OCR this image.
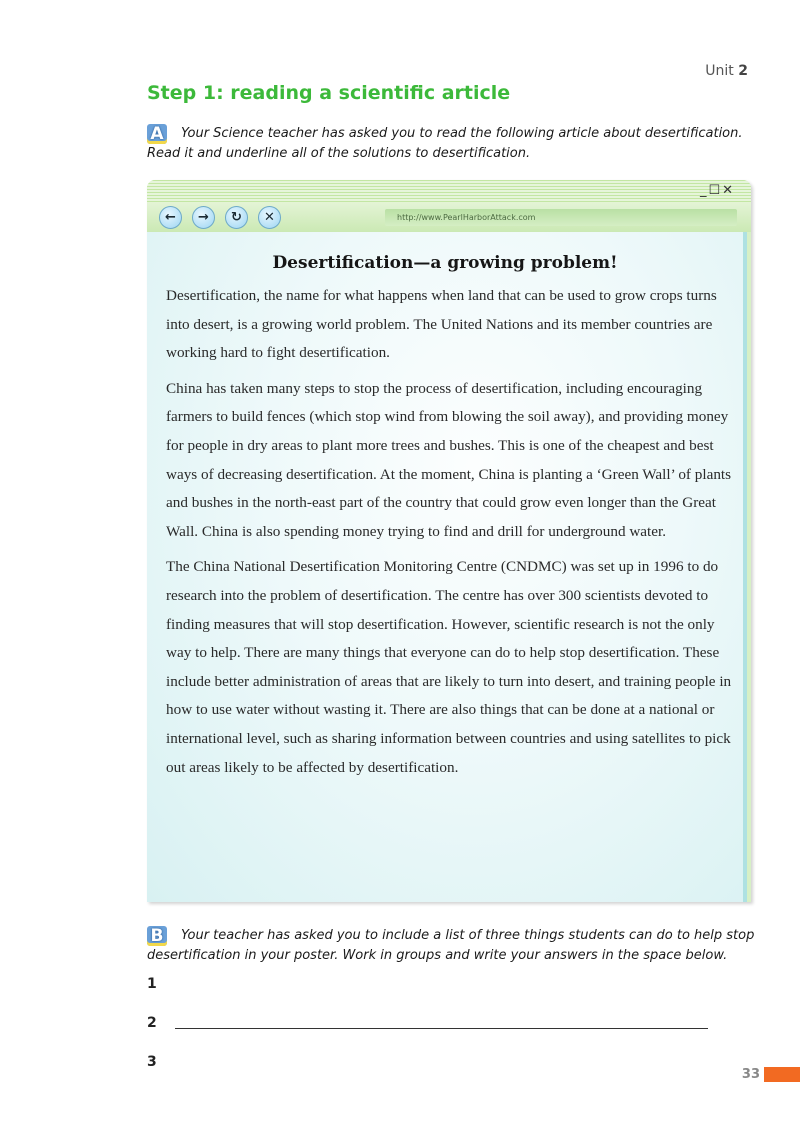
Unit 2
Step 1: reading a scientific article
A Your Science teacher has asked you to read the following article about desertification. Read it and underline all of the solutions to desertification.
_☐✕
←	→	↻	✕	http://www.PearlHarborAttack.com
Desertification—a growing problem!

Desertification, the name for what happens when land that can be used to grow crops turns into desert, is a growing world problem. The United Nations and its member countries are working hard to fight desertification.

China has taken many steps to stop the process of desertification, including encouraging farmers to build fences (which stop wind from blowing the soil away), and providing money for people in dry areas to plant more trees and bushes. This is one of the cheapest and best ways of decreasing desertification. At the moment, China is planting a ‘Green Wall’ of plants and bushes in the north-east part of the country that could grow even longer than the Great Wall. China is also spending money trying to find and drill for underground water.

The China National Desertification Monitoring Centre (CNDMC) was set up in 1996 to do research into the problem of desertification. The centre has over 300 scientists devoted to finding measures that will stop desertification. However, scientific research is not the only way to help. There are many things that everyone can do to help stop desertification. These include better administration of areas that are likely to turn into desert, and training people in how to use water without wasting it. There are also things that can be done at a national or international level, such as sharing information between countries and using satellites to pick out areas likely to be affected by desertification.

B Your teacher has asked you to include a list of three things students can do to help stop desertification in your poster. Work in groups and write your answers in the space below.
1
2
3
33
